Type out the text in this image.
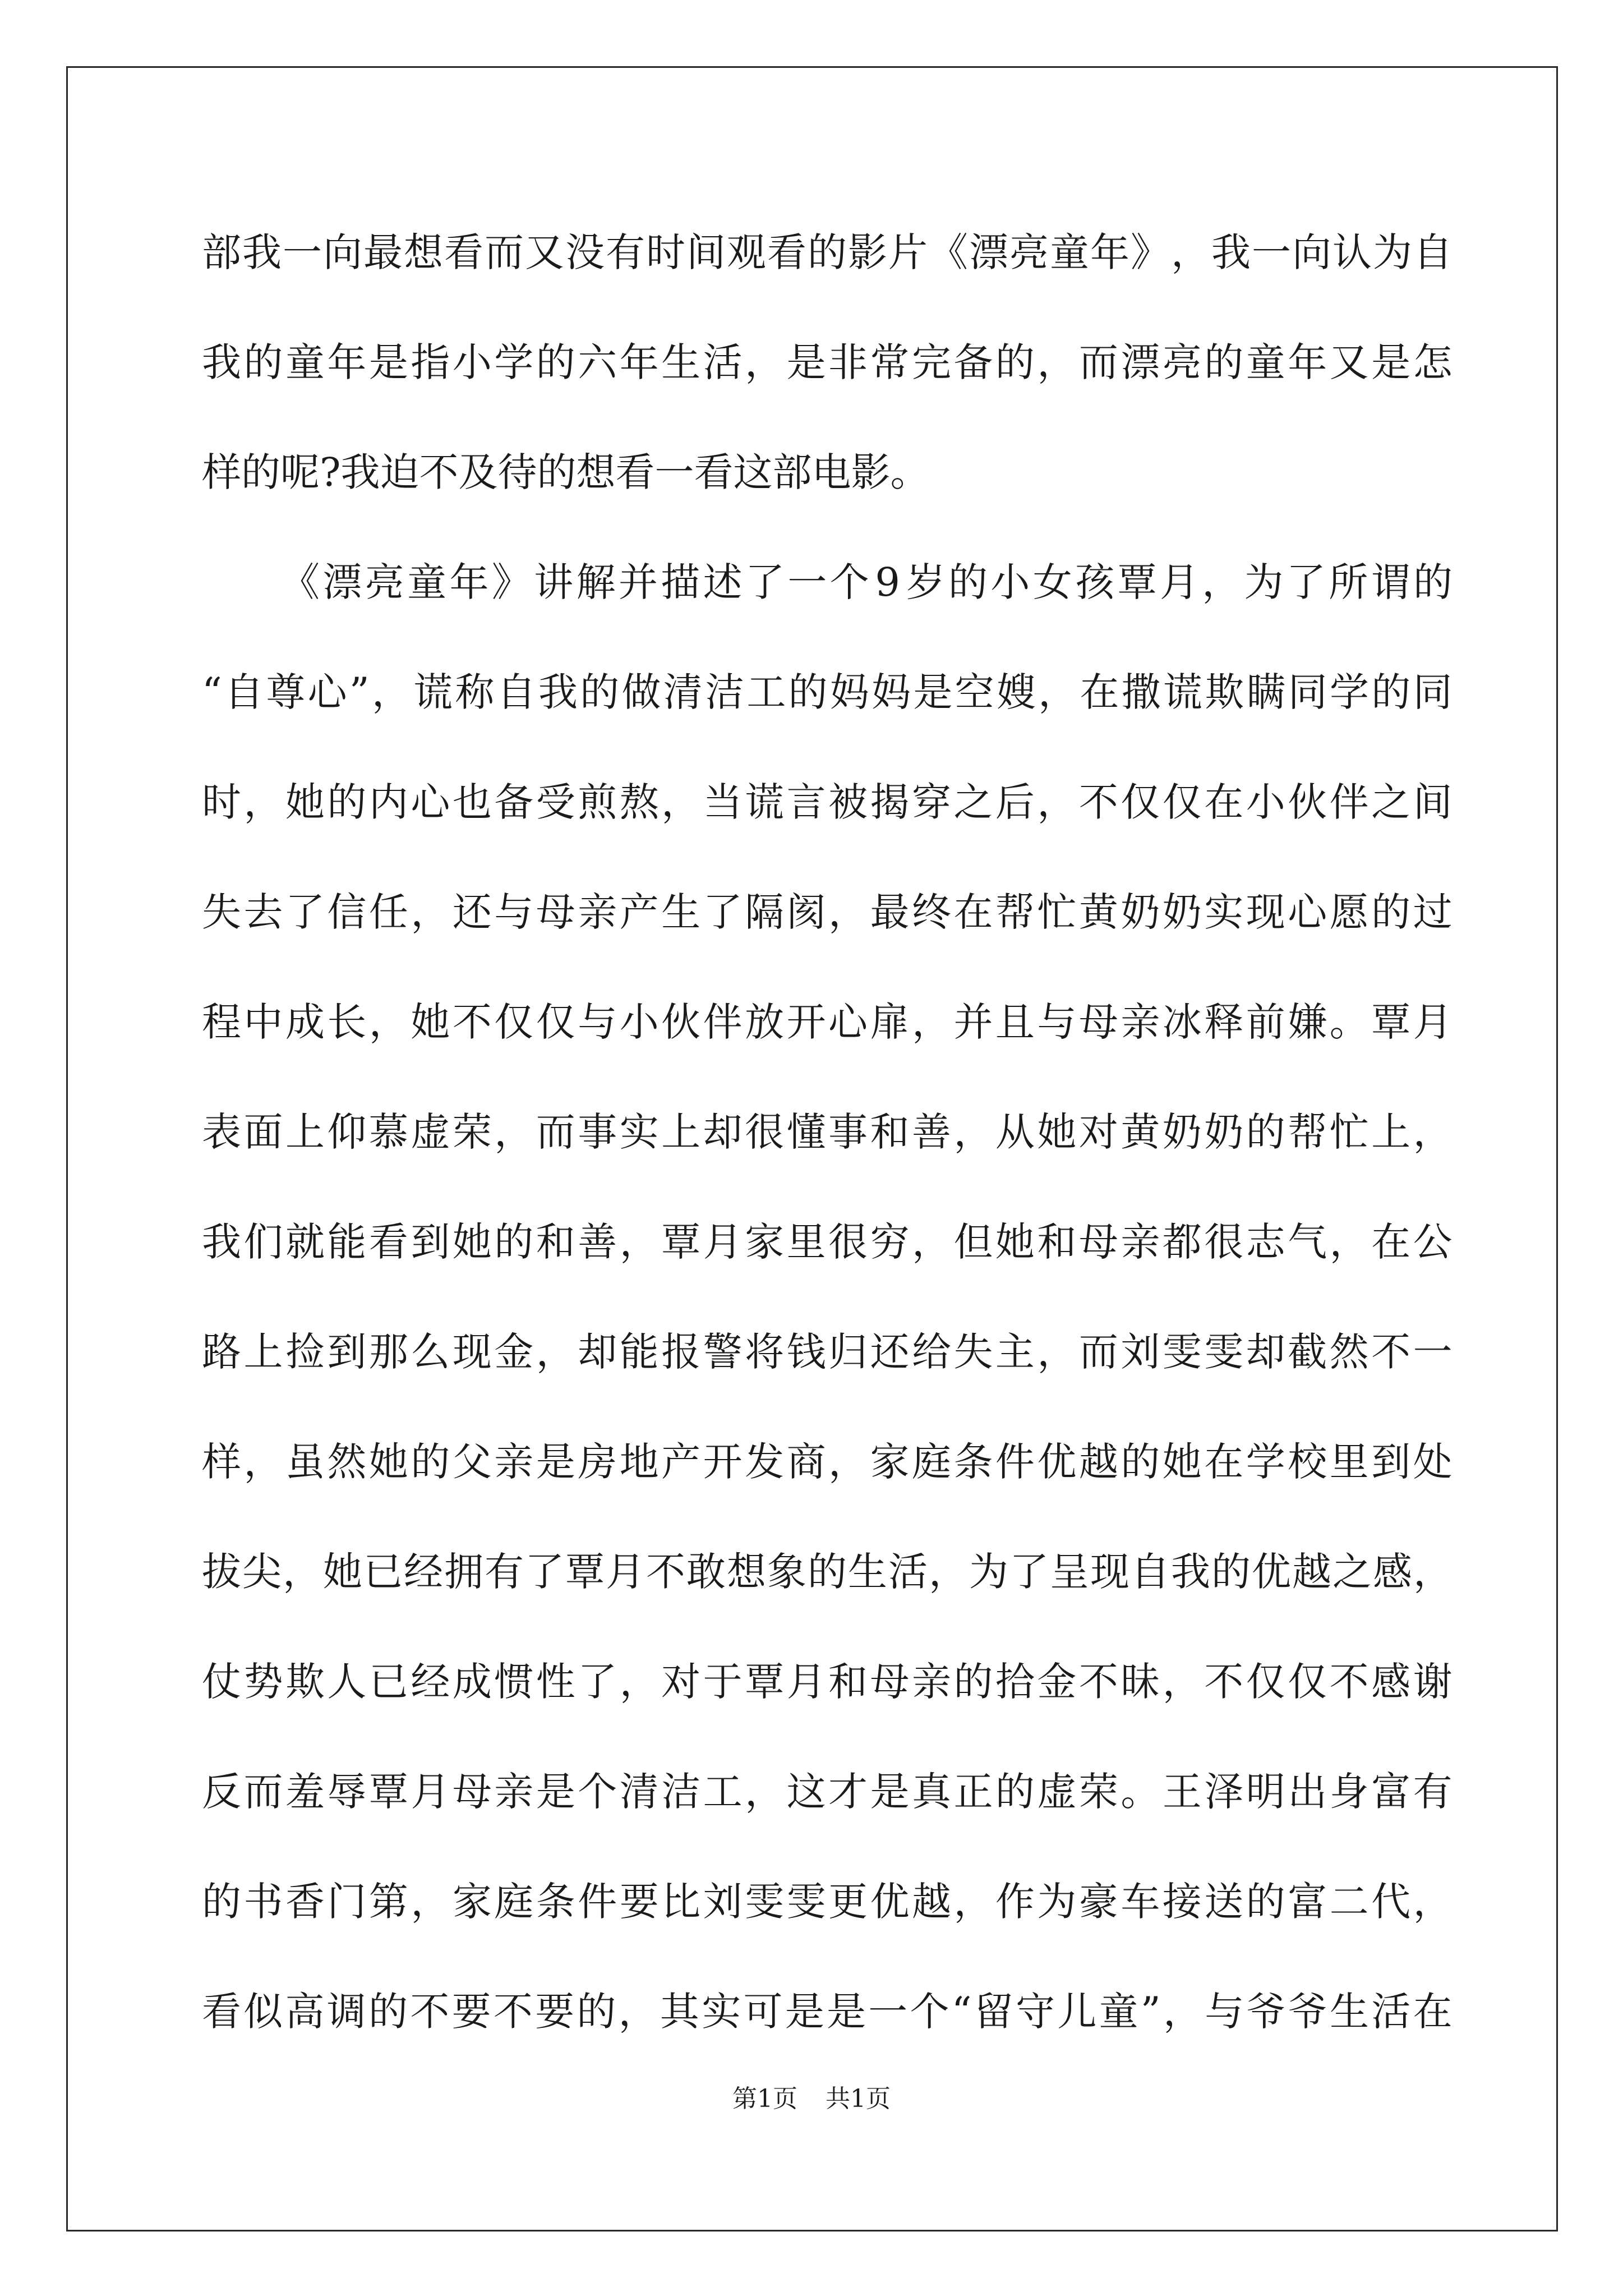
部 我 一 向 最 想 看 而 又 没 有 时 间 观 看 的 影 片 《 漂 亮 童 年 》 ， 我 一 向 认 为 自
我 的 童 年 是 指 小 学 的 六 年 生 活 ， 是 非 常 完 备 的 ， 而 漂 亮 的 童 年 又 是 怎
样的呢?我迫不及待的想看一看这部电影。
《 漂 亮 童 年 》 讲 解 并 描 述 了 一 个 9 岁 的 小 女 孩 覃 月 ， 为 了 所 谓 的
“ 自 尊 心 ” ， 谎 称 自 我 的 做 清 洁 工 的 妈 妈 是 空 嫂 ， 在 撒 谎 欺 瞒 同 学 的 同
时 ， 她 的 内 心 也 备 受 煎 熬 ， 当 谎 言 被 揭 穿 之 后 ， 不 仅 仅 在 小 伙 伴 之 间
失 去 了 信 任 ， 还 与 母 亲 产 生 了 隔 阂 ， 最 终 在 帮 忙 黄 奶 奶 实 现 心 愿 的 过
程 中 成 长 ， 她 不 仅 仅 与 小 伙 伴 放 开 心 扉 ， 并 且 与 母 亲 冰 释 前 嫌 。 覃 月
表 面 上 仰 慕 虚 荣 ， 而 事 实 上 却 很 懂 事 和 善 ， 从 她 对 黄 奶 奶 的 帮 忙 上 ，
我 们 就 能 看 到 她 的 和 善 ， 覃 月 家 里 很 穷 ， 但 她 和 母 亲 都 很 志 气 ， 在 公
路 上 捡 到 那 么 现 金 ， 却 能 报 警 将 钱 归 还 给 失 主 ， 而 刘 雯 雯 却 截 然 不 一
样 ， 虽 然 她 的 父 亲 是 房 地 产 开 发 商 ， 家 庭 条 件 优 越 的 她 在 学 校 里 到 处
拔 尖 ， 她 已 经 拥 有 了 覃 月 不 敢 想 象 的 生 活 ， 为 了 呈 现 自 我 的 优 越 之 感 ，
仗 势 欺 人 已 经 成 惯 性 了 ， 对 于 覃 月 和 母 亲 的 拾 金 不 昧 ， 不 仅 仅 不 感 谢
反 而 羞 辱 覃 月 母 亲 是 个 清 洁 工 ， 这 才 是 真 正 的 虚 荣 。 王 泽 明 出 身 富 有
的 书 香 门 第 ， 家 庭 条 件 要 比 刘 雯 雯 更 优 越 ， 作 为 豪 车 接 送 的 富 二 代 ，
看 似 高 调 的 不 要 不 要 的 ， 其 实 可 是 是 一 个 “ 留 守 儿 童 ” ， 与 爷 爷 生 活 在
第1页 共1页
